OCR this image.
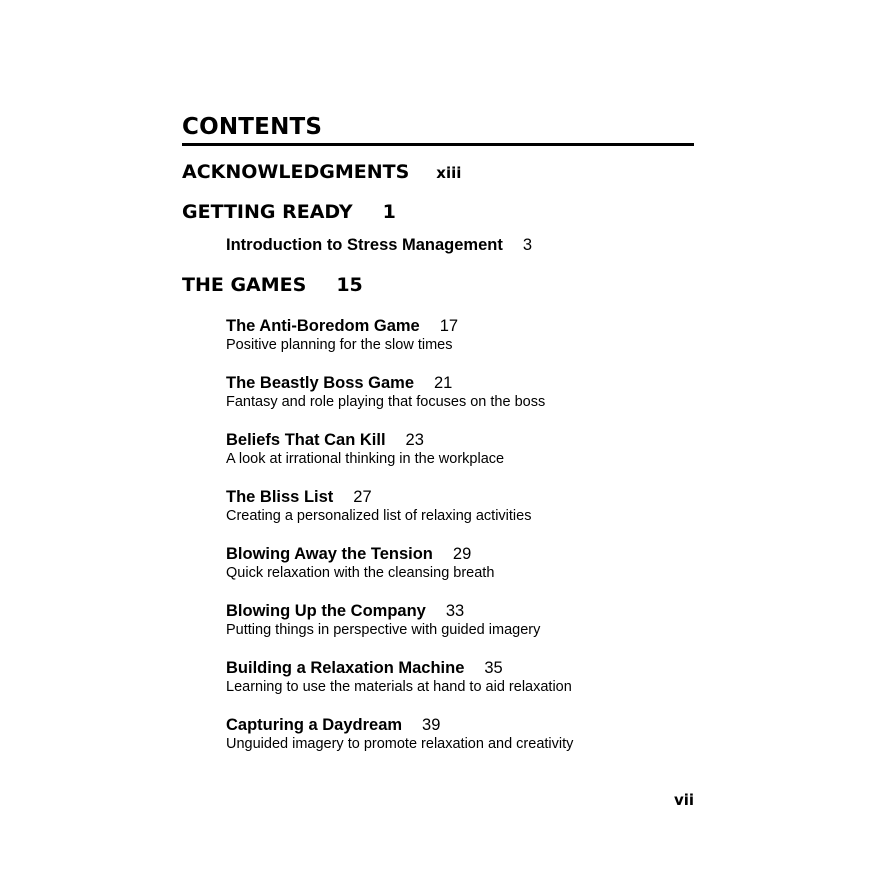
CONTENTS
ACKNOWLEDGMENTS xiii
GETTING READY 1
Introduction to Stress Management 3
THE GAMES 15
The Anti-Boredom Game 17
Positive planning for the slow times
The Beastly Boss Game 21
Fantasy and role playing that focuses on the boss
Beliefs That Can Kill 23
A look at irrational thinking in the workplace
The Bliss List 27
Creating a personalized list of relaxing activities
Blowing Away the Tension 29
Quick relaxation with the cleansing breath
Blowing Up the Company 33
Putting things in perspective with guided imagery
Building a Relaxation Machine 35
Learning to use the materials at hand to aid relaxation
Capturing a Daydream 39
Unguided imagery to promote relaxation and creativity
vii
